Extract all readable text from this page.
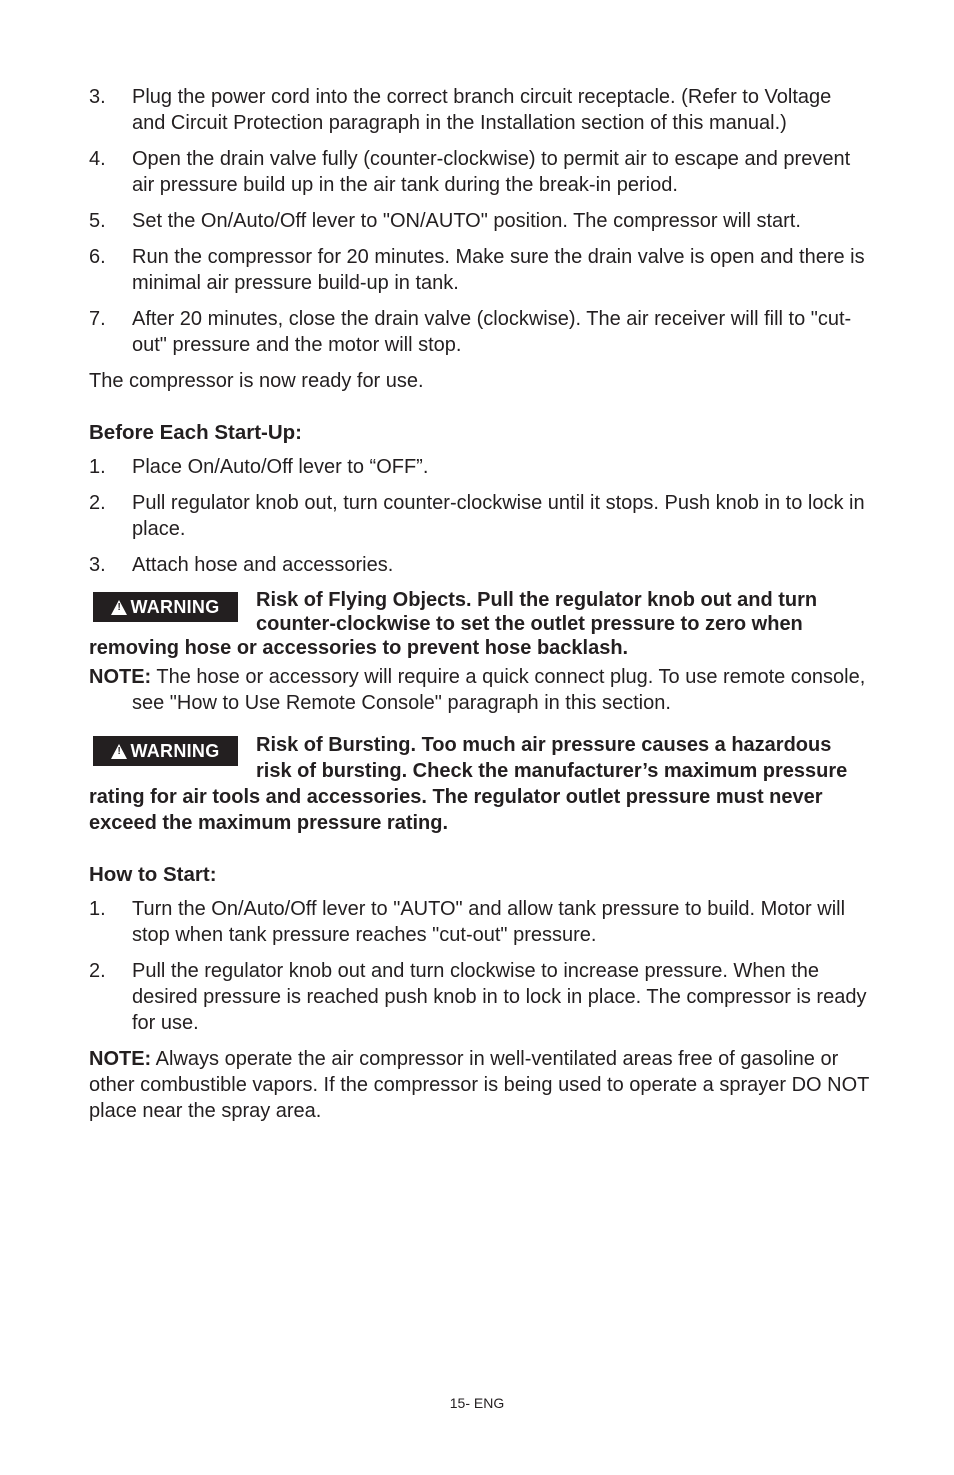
3. Plug the power cord into the correct branch circuit receptacle. (Refer to Voltage and Circuit Protection paragraph in the Installation section of this manual.)
4. Open the drain valve fully (counter-clockwise) to permit air to escape and prevent air pressure build up in the air tank during the break-in period.
5. Set the On/Auto/Off lever to "ON/AUTO" position. The compressor will start.
6. Run the compressor for 20 minutes. Make sure the drain valve is open and there is minimal air pressure build-up in tank.
7. After 20 minutes, close the drain valve (clockwise). The air receiver will fill to "cut-out" pressure and the motor will stop.

The compressor is now ready for use.

Before Each Start-Up:
1. Place On/Auto/Off lever to “OFF”.
2. Pull regulator knob out, turn counter-clockwise until it stops. Push knob in to lock in place.
3. Attach hose and accessories.
!
WARNING Risk of Flying Objects. Pull the regulator knob out and turn counter-clockwise to set the outlet pressure to zero when removing hose or accessories to prevent hose backlash.

NOTE: The hose or accessory will require a quick connect plug. To use remote console, see "How to Use Remote Console" paragraph in this section.

!
WARNING Risk of Bursting. Too much air pressure causes a hazardous risk of bursting. Check the manufacturer’s maximum pressure rating for air tools and accessories. The regulator outlet pressure must never exceed the maximum pressure rating.
How to Start:
1. Turn the On/Auto/Off lever to "AUTO" and allow tank pressure to build. Motor will stop when tank pressure reaches "cut-out" pressure.
2. Pull the regulator knob out and turn clockwise to increase pressure. When the desired pressure is reached push knob in to lock in place. The compressor is ready for use.

NOTE: Always operate the air compressor in well-ventilated areas free of gasoline or other combustible vapors. If the compressor is being used to operate a sprayer DO NOT place near the spray area.

15- ENG
